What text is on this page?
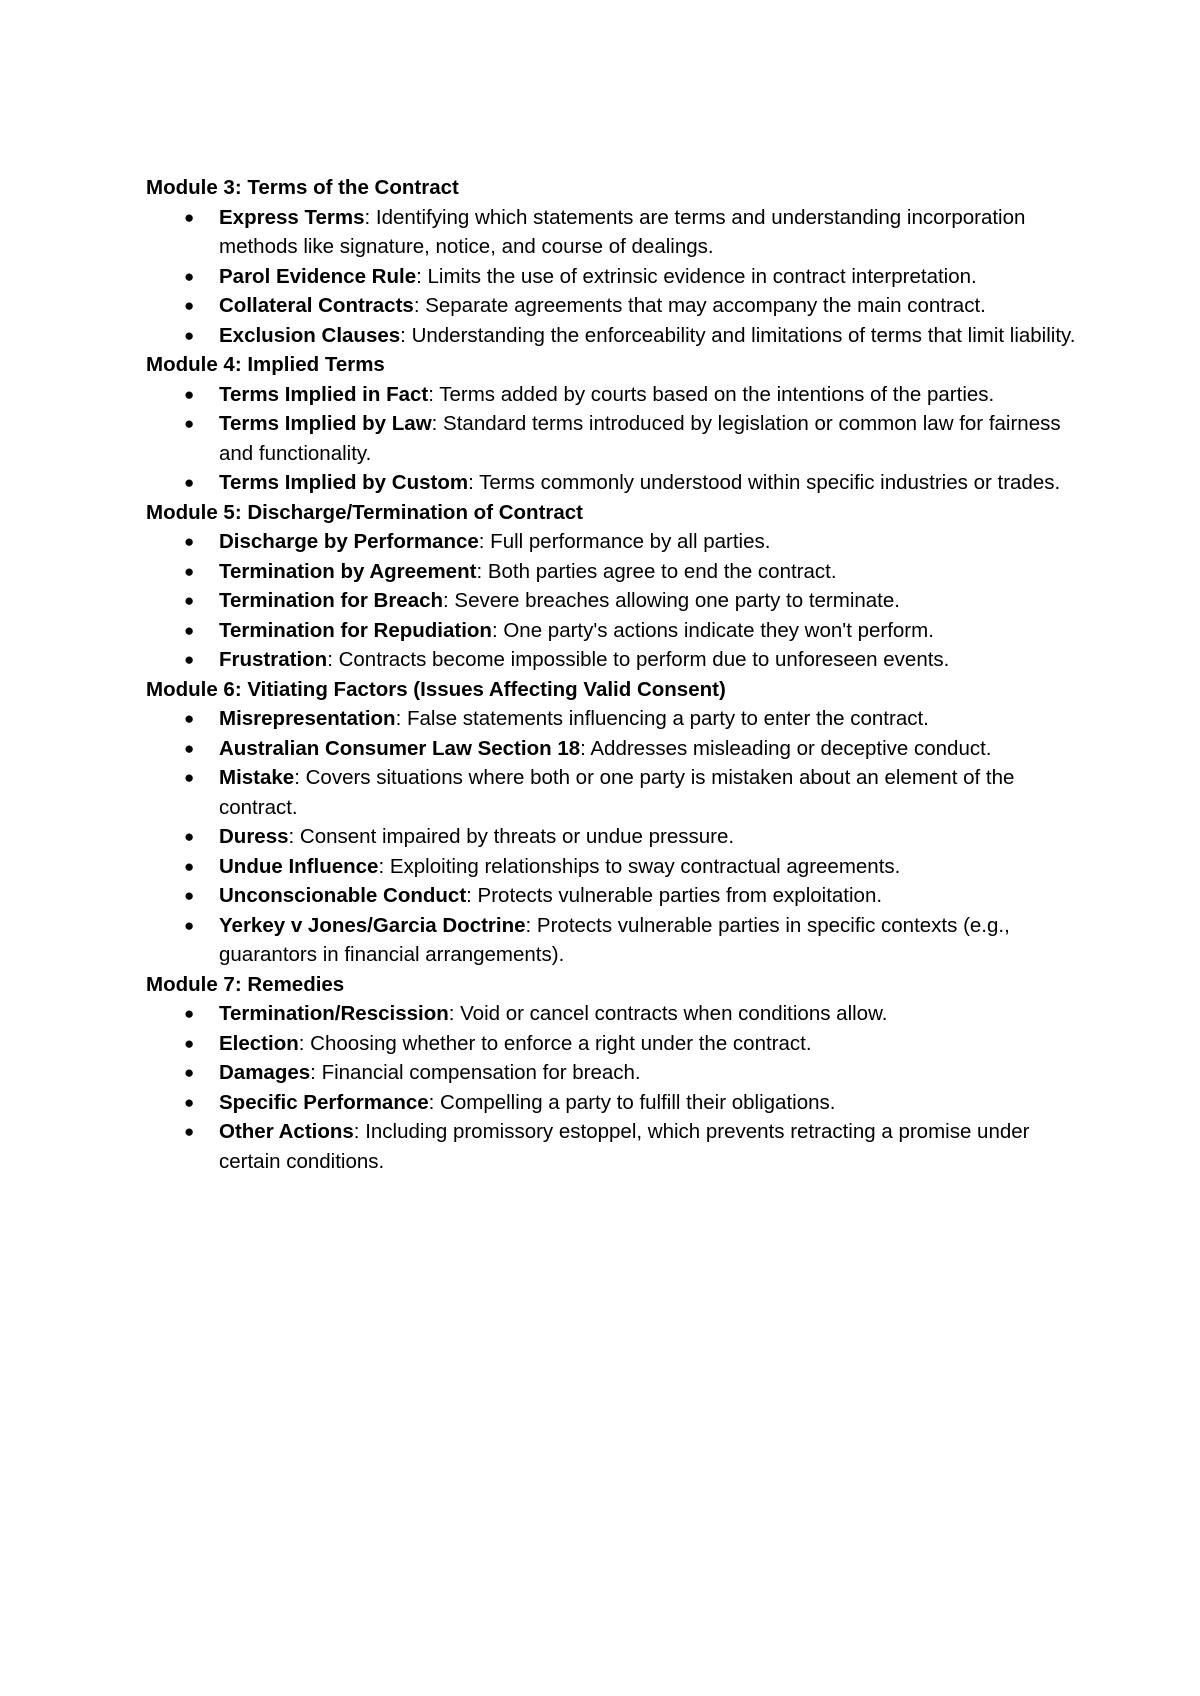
Module 3: Terms of the Contract
● Express Terms: Identifying which statements are terms and understanding incorporation methods like signature, notice, and course of dealings.
● Parol Evidence Rule: Limits the use of extrinsic evidence in contract interpretation.
● Collateral Contracts: Separate agreements that may accompany the main contract.
● Exclusion Clauses: Understanding the enforceability and limitations of terms that limit liability.
Module 4: Implied Terms
● Terms Implied in Fact: Terms added by courts based on the intentions of the parties.
● Terms Implied by Law: Standard terms introduced by legislation or common law for fairness and functionality.
● Terms Implied by Custom: Terms commonly understood within specific industries or trades.
Module 5: Discharge/Termination of Contract
● Discharge by Performance: Full performance by all parties.
● Termination by Agreement: Both parties agree to end the contract.
● Termination for Breach: Severe breaches allowing one party to terminate.
● Termination for Repudiation: One party's actions indicate they won't perform.
● Frustration: Contracts become impossible to perform due to unforeseen events.
Module 6: Vitiating Factors (Issues Affecting Valid Consent)
● Misrepresentation: False statements influencing a party to enter the contract.
● Australian Consumer Law Section 18: Addresses misleading or deceptive conduct.
● Mistake: Covers situations where both or one party is mistaken about an element of the contract.
● Duress: Consent impaired by threats or undue pressure.
● Undue Influence: Exploiting relationships to sway contractual agreements.
● Unconscionable Conduct: Protects vulnerable parties from exploitation.
● Yerkey v Jones/Garcia Doctrine: Protects vulnerable parties in specific contexts (e.g., guarantors in financial arrangements).
Module 7: Remedies
● Termination/Rescission: Void or cancel contracts when conditions allow.
● Election: Choosing whether to enforce a right under the contract.
● Damages: Financial compensation for breach.
● Specific Performance: Compelling a party to fulfill their obligations.
● Other Actions: Including promissory estoppel, which prevents retracting a promise under certain conditions.
